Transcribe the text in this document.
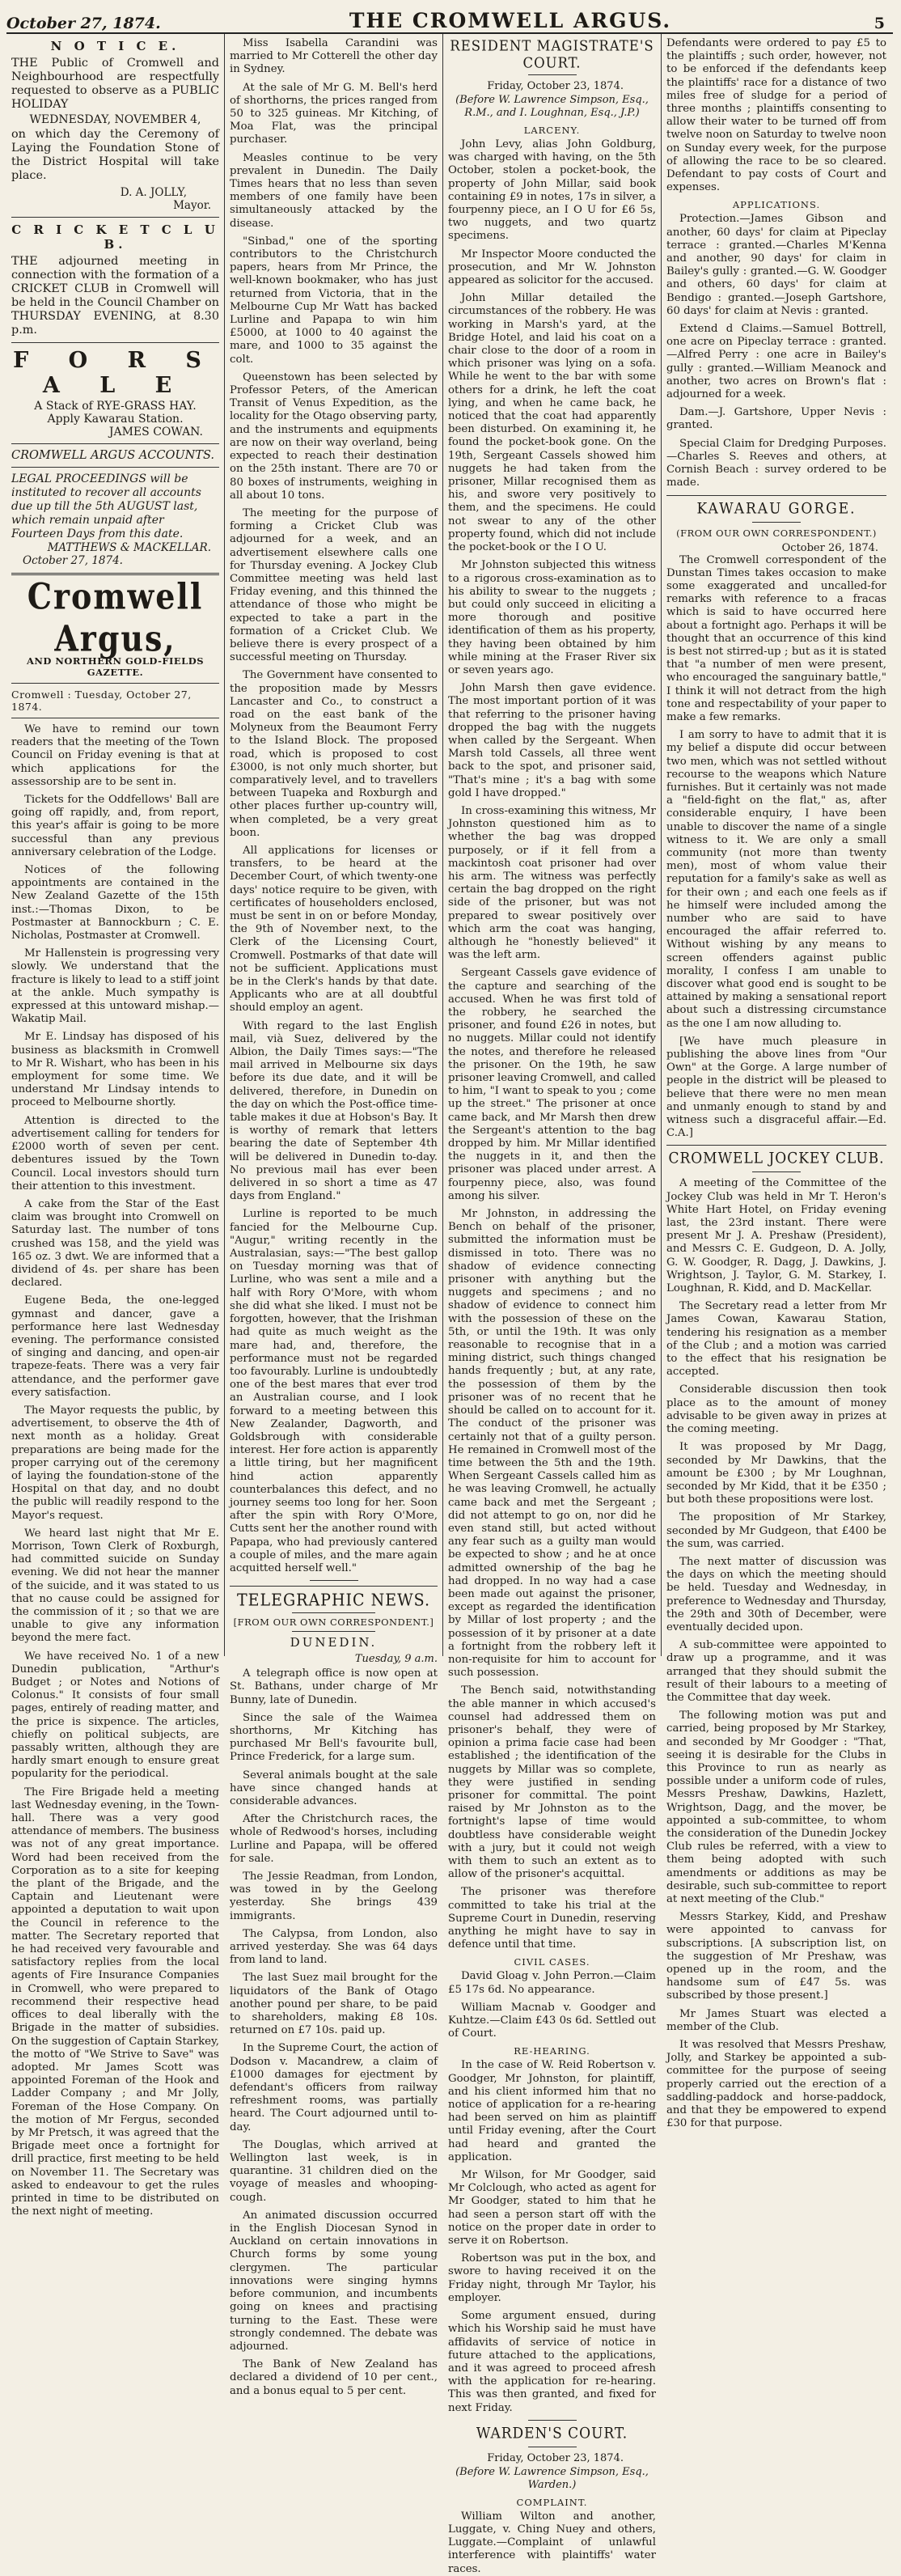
October 27, 1874.	THE CROMWELL ARGUS.	5
N O T I C E.
THE Public of Cromwell and Neighbourhood are respectfully requested to observe as a PUBLIC HOLIDAY
WEDNESDAY, NOVEMBER 4,
on which day the Ceremony of Laying the Foundation Stone of the District Hospital will take place.
D. A. JOLLY,
Mayor.
C R I C K E T C L U B.
THE adjourned meeting in connection with the formation of a CRICKET CLUB in Cromwell will be held in the Council Chamber on THURSDAY EVENING, at 8.30 p.m.
F O R S A L E
A Stack of RYE-GRASS HAY.
Apply Kawarau Station.
JAMES COWAN.
CROMWELL ARGUS ACCOUNTS.
LEGAL PROCEEDINGS will be instituted to recover all accounts due up till the 5th AUGUST last, which remain unpaid after Fourteen Days from this date.
MATTHEWS & MACKELLAR.
October 27, 1874.
Cromwell Argus,
AND NORTHERN GOLD-FIELDS GAZETTE.
Cromwell : Tuesday, October 27, 1874.

We have to remind our town readers that the meeting of the Town Council on Friday evening is that at which applications for the assessorship are to be sent in.

Tickets for the Oddfellows' Ball are going off rapidly, and, from report, this year's affair is going to be more successful than any previous anniversary celebration of the Lodge.

Notices of the following appointments are contained in the New Zealand Gazette of the 15th inst.:—Thomas Dixon, to be Postmaster at Bannockburn ; C. E. Nicholas, Postmaster at Cromwell.

Mr Hallenstein is progressing very slowly. We understand that the fracture is likely to lead to a stiff joint at the ankle. Much sympathy is expressed at this untoward mishap.—Wakatip Mail.

Mr E. Lindsay has disposed of his business as blacksmith in Cromwell to Mr R. Wishart, who has been in his employment for some time. We understand Mr Lindsay intends to proceed to Melbourne shortly.

Attention is directed to the advertisement calling for tenders for £2000 worth of seven per cent. debentures issued by the Town Council. Local investors should turn their attention to this investment.

A cake from the Star of the East claim was brought into Cromwell on Saturday last. The number of tons crushed was 158, and the yield was 165 oz. 3 dwt. We are informed that a dividend of 4s. per share has been declared.

Eugene Beda, the one-legged gymnast and dancer, gave a performance here last Wednesday evening. The performance consisted of singing and dancing, and open-air trapeze-feats. There was a very fair attendance, and the performer gave every satisfaction.

The Mayor requests the public, by advertisement, to observe the 4th of next month as a holiday. Great preparations are being made for the proper carrying out of the ceremony of laying the foundation-stone of the Hospital on that day, and no doubt the public will readily respond to the Mayor's request.

We heard last night that Mr E. Morrison, Town Clerk of Roxburgh, had committed suicide on Sunday evening. We did not hear the manner of the suicide, and it was stated to us that no cause could be assigned for the commission of it ; so that we are unable to give any information beyond the mere fact.

We have received No. 1 of a new Dunedin publication, "Arthur's Budget ; or Notes and Notions of Colonus." It consists of four small pages, entirely of reading matter, and the price is sixpence. The articles, chiefly on political subjects, are passably written, although they are hardly smart enough to ensure great popularity for the periodical.

The Fire Brigade held a meeting last Wednesday evening, in the Town-hall. There was a very good attendance of members. The business was not of any great importance. Word had been received from the Corporation as to a site for keeping the plant of the Brigade, and the Captain and Lieutenant were appointed a deputation to wait upon the Council in reference to the matter. The Secretary reported that he had received very favourable and satisfactory replies from the local agents of Fire Insurance Companies in Cromwell, who were prepared to recommend their respective head offices to deal liberally with the Brigade in the matter of subsidies. On the suggestion of Captain Starkey, the motto of "We Strive to Save" was adopted. Mr James Scott was appointed Foreman of the Hook and Ladder Company ; and Mr Jolly, Foreman of the Hose Company. On the motion of Mr Fergus, seconded by Mr Pretsch, it was agreed that the Brigade meet once a fortnight for drill practice, first meeting to be held on November 11. The Secretary was asked to endeavour to get the rules printed in time to be distributed on the next night of meeting.

Miss Isabella Carandini was married to Mr Cotterell the other day in Sydney.

At the sale of Mr G. M. Bell's herd of shorthorns, the prices ranged from 50 to 325 guineas. Mr Kitching, of Moa Flat, was the principal purchaser.

Measles continue to be very prevalent in Dunedin. The Daily Times hears that no less than seven members of one family have been simultaneously attacked by the disease.

"Sinbad," one of the sporting contributors to the Christchurch papers, hears from Mr Prince, the well-known bookmaker, who has just returned from Victoria, that in the Melbourne Cup Mr Watt has backed Lurline and Papapa to win him £5000, at 1000 to 40 against the mare, and 1000 to 35 against the colt.

Queenstown has been selected by Professor Peters, of the American Transit of Venus Expedition, as the locality for the Otago observing party, and the instruments and equipments are now on their way overland, being expected to reach their destination on the 25th instant. There are 70 or 80 boxes of instruments, weighing in all about 10 tons.

The meeting for the purpose of forming a Cricket Club was adjourned for a week, and an advertisement elsewhere calls one for Thursday evening. A Jockey Club Committee meeting was held last Friday evening, and this thinned the attendance of those who might be expected to take a part in the formation of a Cricket Club. We believe there is every prospect of a successful meeting on Thursday.

The Government have consented to the proposition made by Messrs Lancaster and Co., to construct a road on the east bank of the Molyneux from the Beaumont Ferry to the Island Block. The proposed road, which is proposed to cost £3000, is not only much shorter, but comparatively level, and to travellers between Tuapeka and Roxburgh and other places further up-country will, when completed, be a very great boon.

All applications for licenses or transfers, to be heard at the December Court, of which twenty-one days' notice require to be given, with certificates of householders enclosed, must be sent in on or before Monday, the 9th of November next, to the Clerk of the Licensing Court, Cromwell. Postmarks of that date will not be sufficient. Applications must be in the Clerk's hands by that date. Applicants who are at all doubtful should employ an agent.

With regard to the last English mail, vià Suez, delivered by the Albion, the Daily Times says:—"The mail arrived in Melbourne six days before its due date, and it will be delivered, therefore, in Dunedin on the day on which the Post-office time-table makes it due at Hobson's Bay. It is worthy of remark that letters bearing the date of September 4th will be delivered in Dunedin to-day. No previous mail has ever been delivered in so short a time as 47 days from England."

Lurline is reported to be much fancied for the Melbourne Cup. "Augur," writing recently in the Australasian, says:—"The best gallop on Tuesday morning was that of Lurline, who was sent a mile and a half with Rory O'More, with whom she did what she liked. I must not be forgotten, however, that the Irishman had quite as much weight as the mare had, and, therefore, the performance must not be regarded too favourably. Lurline is undoubtedly one of the best mares that ever trod an Australian course, and I look forward to a meeting between this New Zealander, Dagworth, and Goldsbrough with considerable interest. Her fore action is apparently a little tiring, but her magnificent hind action apparently counterbalances this defect, and no journey seems too long for her. Soon after the spin with Rory O'More, Cutts sent her the another round with Papapa, who had previously cantered a couple of miles, and the mare again acquitted herself well."

TELEGRAPHIC NEWS.
[FROM OUR OWN CORRESPONDENT.]
DUNEDIN.
Tuesday, 9 a.m.

A telegraph office is now open at St. Bathans, under charge of Mr Bunny, late of Dunedin.

Since the sale of the Waimea shorthorns, Mr Kitching has purchased Mr Bell's favourite bull, Prince Frederick, for a large sum.

Several animals bought at the sale have since changed hands at considerable advances.

After the Christchurch races, the whole of Redwood's horses, including Lurline and Papapa, will be offered for sale.

The Jessie Readman, from London, was towed in by the Geelong yesterday. She brings 439 immigrants.

The Calypsa, from London, also arrived yesterday. She was 64 days from land to land.

The last Suez mail brought for the liquidators of the Bank of Otago another pound per share, to be paid to shareholders, making £8 10s. returned on £7 10s. paid up.

In the Supreme Court, the action of Dodson v. Macandrew, a claim of £1000 damages for ejectment by defendant's officers from railway refreshment rooms, was partially heard. The Court adjourned until to-day.

The Douglas, which arrived at Wellington last week, is in quarantine. 31 children died on the voyage of measles and whooping-cough.

An animated discussion occurred in the English Diocesan Synod in Auckland on certain innovations in Church forms by some young clergymen. The particular innovations were singing hymns before communion, and incumbents going on knees and practising turning to the East. These were strongly condemned. The debate was adjourned.

The Bank of New Zealand has declared a dividend of 10 per cent., and a bonus equal to 5 per cent.

RESIDENT MAGISTRATE'S COURT.
Friday, October 23, 1874.
(Before W. Lawrence Simpson, Esq., R.M., and I. Loughnan, Esq., J.P.)
LARCENY.

John Levy, alias John Goldburg, was charged with having, on the 5th October, stolen a pocket-book, the property of John Millar, said book containing £9 in notes, 17s in silver, a fourpenny piece, an I O U for £6 5s, two nuggets, and two quartz specimens.

Mr Inspector Moore conducted the prosecution, and Mr W. Johnston appeared as solicitor for the accused.

John Millar detailed the circumstances of the robbery. He was working in Marsh's yard, at the Bridge Hotel, and laid his coat on a chair close to the door of a room in which prisoner was lying on a sofa. While he went to the bar with some others for a drink, he left the coat lying, and when he came back, he noticed that the coat had apparently been disturbed. On examining it, he found the pocket-book gone. On the 19th, Sergeant Cassels showed him nuggets he had taken from the prisoner, Millar recognised them as his, and swore very positively to them, and the specimens. He could not swear to any of the other property found, which did not include the pocket-book or the I O U.

Mr Johnston subjected this witness to a rigorous cross-examination as to his ability to swear to the nuggets ; but could only succeed in eliciting a more thorough and positive identification of them as his property, they having been obtained by him while mining at the Fraser River six or seven years ago.

John Marsh then gave evidence. The most important portion of it was that referring to the prisoner having dropped the bag with the nuggets when called by the Sergeant. When Marsh told Cassels, all three went back to the spot, and prisoner said, "That's mine ; it's a bag with some gold I have dropped."

In cross-examining this witness, Mr Johnston questioned him as to whether the bag was dropped purposely, or if it fell from a mackintosh coat prisoner had over his arm. The witness was perfectly certain the bag dropped on the right side of the prisoner, but was not prepared to swear positively over which arm the coat was hanging, although he "honestly believed" it was the left arm.

Sergeant Cassels gave evidence of the capture and searching of the accused. When he was first told of the robbery, he searched the prisoner, and found £26 in notes, but no nuggets. Millar could not identify the notes, and therefore he released the prisoner. On the 19th, he saw prisoner leaving Cromwell, and called to him, "I want to speak to you ; come up the street." The prisoner at once came back, and Mr Marsh then drew the Sergeant's attention to the bag dropped by him. Mr Millar identified the nuggets in it, and then the prisoner was placed under arrest. A fourpenny piece, also, was found among his silver.

Mr Johnston, in addressing the Bench on behalf of the prisoner, submitted the information must be dismissed in toto. There was no shadow of evidence connecting prisoner with anything but the nuggets and specimens ; and no shadow of evidence to connect him with the possession of these on the 5th, or until the 19th. It was only reasonable to recognise that in a mining district, such things changed hands frequently ; but, at any rate, the possession of them by the prisoner was of no recent that he should be called on to account for it. The conduct of the prisoner was certainly not that of a guilty person. He remained in Cromwell most of the time between the 5th and the 19th. When Sergeant Cassels called him as he was leaving Cromwell, he actually came back and met the Sergeant ; did not attempt to go on, nor did he even stand still, but acted without any fear such as a guilty man would be expected to show ; and he at once admitted ownership of the bag he had dropped. In no way had a case been made out against the prisoner, except as regarded the identification by Millar of lost property ; and the possession of it by prisoner at a date a fortnight from the robbery left it non-requisite for him to account for such possession.

The Bench said, notwithstanding the able manner in which accused's counsel had addressed them on prisoner's behalf, they were of opinion a prima facie case had been established ; the identification of the nuggets by Millar was so complete, they were justified in sending prisoner for committal. The point raised by Mr Johnston as to the fortnight's lapse of time would doubtless have considerable weight with a jury, but it could not weigh with them to such an extent as to allow of the prisoner's acquittal.

The prisoner was therefore committed to take his trial at the Supreme Court in Dunedin, reserving anything he might have to say in defence until that time.

CIVIL CASES.

David Gloag v. John Perron.—Claim £5 17s 6d. No appearance.

William Macnab v. Goodger and Kuhtze.—Claim £43 0s 6d. Settled out of Court.

RE-HEARING.

In the case of W. Reid Robertson v. Goodger, Mr Johnston, for plaintiff, and his client informed him that no notice of application for a re-hearing had been served on him as plaintiff until Friday evening, after the Court had heard and granted the application.

Mr Wilson, for Mr Goodger, said Mr Colclough, who acted as agent for Mr Goodger, stated to him that he had seen a person start off with the notice on the proper date in order to serve it on Robertson.

Robertson was put in the box, and swore to having received it on the Friday night, through Mr Taylor, his employer.

Some argument ensued, during which his Worship said he must have affidavits of service of notice in future attached to the applications, and it was agreed to proceed afresh with the application for re-hearing. This was then granted, and fixed for next Friday.

WARDEN'S COURT.
Friday, October 23, 1874.
(Before W. Lawrence Simpson, Esq., Warden.)
COMPLAINT.

William Wilton and another, Luggate, v. Ching Nuey and others, Luggate.—Complaint of unlawful interference with plaintiffs' water races.

Defendants were ordered to pay £5 to the plaintiffs ; such order, however, not to be enforced if the defendants keep the plaintiffs' race for a distance of two miles free of sludge for a period of three months ; plaintiffs consenting to allow their water to be turned off from twelve noon on Saturday to twelve noon on Sunday every week, for the purpose of allowing the race to be so cleared. Defendant to pay costs of Court and expenses.

APPLICATIONS.

Protection.—James Gibson and another, 60 days' for claim at Pipeclay terrace : granted.—Charles M'Kenna and another, 90 days' for claim in Bailey's gully : granted.—G. W. Goodger and others, 60 days' for claim at Bendigo : granted.—Joseph Gartshore, 60 days' for claim at Nevis : granted.

Extend d Claims.—Samuel Bottrell, one acre on Pipeclay terrace : granted.—Alfred Perry : one acre in Bailey's gully : granted.—William Meanock and another, two acres on Brown's flat : adjourned for a week.

Dam.—J. Gartshore, Upper Nevis : granted.

Special Claim for Dredging Purposes.—Charles S. Reeves and others, at Cornish Beach : survey ordered to be made.

KAWARAU GORGE.
(FROM OUR OWN CORRESPONDENT.)
October 26, 1874.

The Cromwell correspondent of the Dunstan Times takes occasion to make some exaggerated and uncalled-for remarks with reference to a fracas which is said to have occurred here about a fortnight ago. Perhaps it will be thought that an occurrence of this kind is best not stirred-up ; but as it is stated that "a number of men were present, who encouraged the sanguinary battle," I think it will not detract from the high tone and respectability of your paper to make a few remarks.

I am sorry to have to admit that it is my belief a dispute did occur between two men, which was not settled without recourse to the weapons which Nature furnishes. But it certainly was not made a "field-fight on the flat," as, after considerable enquiry, I have been unable to discover the name of a single witness to it. We are only a small community (not more than twenty men), most of whom value their reputation for a family's sake as well as for their own ; and each one feels as if he himself were included among the number who are said to have encouraged the affair referred to. Without wishing by any means to screen offenders against public morality, I confess I am unable to discover what good end is sought to be attained by making a sensational report about such a distressing circumstance as the one I am now alluding to.

[We have much pleasure in publishing the above lines from "Our Own" at the Gorge. A large number of people in the district will be pleased to believe that there were no men mean and unmanly enough to stand by and witness such a disgraceful affair.—Ed. C.A.]

CROMWELL JOCKEY CLUB.

A meeting of the Committee of the Jockey Club was held in Mr T. Heron's White Hart Hotel, on Friday evening last, the 23rd instant. There were present Mr J. A. Preshaw (President), and Messrs C. E. Gudgeon, D. A. Jolly, G. W. Goodger, R. Dagg, J. Dawkins, J. Wrightson, J. Taylor, G. M. Starkey, I. Loughnan, R. Kidd, and D. MacKellar.

The Secretary read a letter from Mr James Cowan, Kawarau Station, tendering his resignation as a member of the Club ; and a motion was carried to the effect that his resignation be accepted.

Considerable discussion then took place as to the amount of money advisable to be given away in prizes at the coming meeting.

It was proposed by Mr Dagg, seconded by Mr Dawkins, that the amount be £300 ; by Mr Loughnan, seconded by Mr Kidd, that it be £350 ; but both these propositions were lost.

The proposition of Mr Starkey, seconded by Mr Gudgeon, that £400 be the sum, was carried.

The next matter of discussion was the days on which the meeting should be held. Tuesday and Wednesday, in preference to Wednesday and Thursday, the 29th and 30th of December, were eventually decided upon.

A sub-committee were appointed to draw up a programme, and it was arranged that they should submit the result of their labours to a meeting of the Committee that day week.

The following motion was put and carried, being proposed by Mr Starkey, and seconded by Mr Goodger : "That, seeing it is desirable for the Clubs in this Province to run as nearly as possible under a uniform code of rules, Messrs Preshaw, Dawkins, Hazlett, Wrightson, Dagg, and the mover, be appointed a sub-committee, to whom the consideration of the Dunedin Jockey Club rules be referred, with a view to them being adopted with such amendments or additions as may be desirable, such sub-committee to report at next meeting of the Club."

Messrs Starkey, Kidd, and Preshaw were appointed to canvass for subscriptions. [A subscription list, on the suggestion of Mr Preshaw, was opened up in the room, and the handsome sum of £47 5s. was subscribed by those present.]

Mr James Stuart was elected a member of the Club.

It was resolved that Messrs Preshaw, Jolly, and Starkey be appointed a sub-committee for the purpose of seeing properly carried out the erection of a saddling-paddock and horse-paddock, and that they be empowered to expend £30 for that purpose.
